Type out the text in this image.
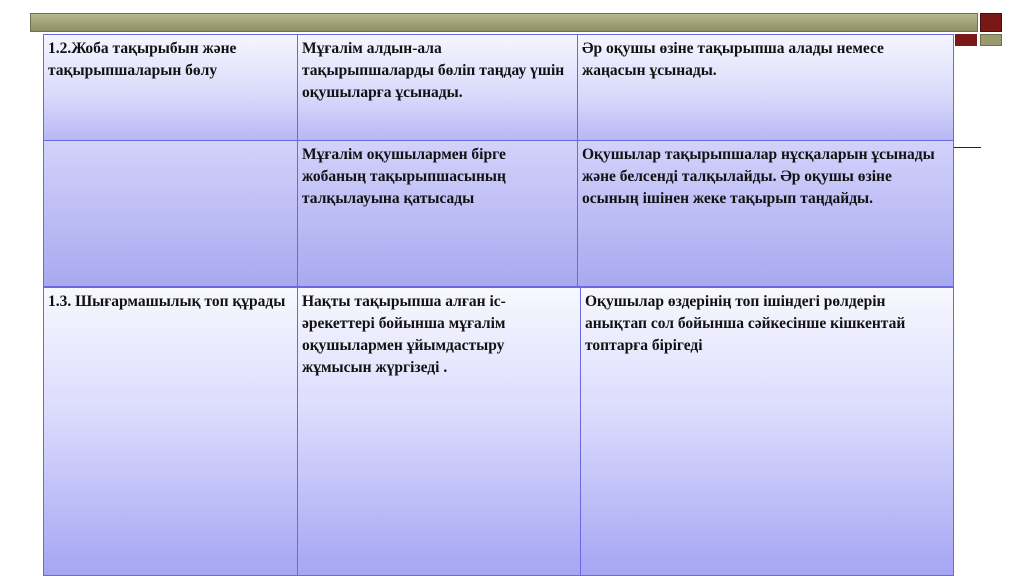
1.2.Жоба тақырыбын және тақырыпшаларын бөлу
Мұғалім алдын-ала тақырыпшаларды бөліп таңдау үшін оқушыларға ұсынады.
Әр оқушы өзіне тақырыпша алады немесе жаңасын ұсынады.
Мұғалім оқушылармен бірге жобаның тақырыпшасының талқылауына қатысады
Оқушылар тақырыпшалар нұсқаларын ұсынады және белсенді талқылайды. Әр оқушы өзіне осының ішінен жеке тақырып таңдайды.
1.3. Шығармашылық топ құрады	Нақты тақырыпша алған іс-әрекеттері бойынша мұғалім оқушылармен ұйымдастыру жұмысын жүргізеді .
Оқушылар өздерінің топ ішіндегі рөлдерін анықтап сол бойынша сәйкесінше кішкентай топтарға бірігеді
